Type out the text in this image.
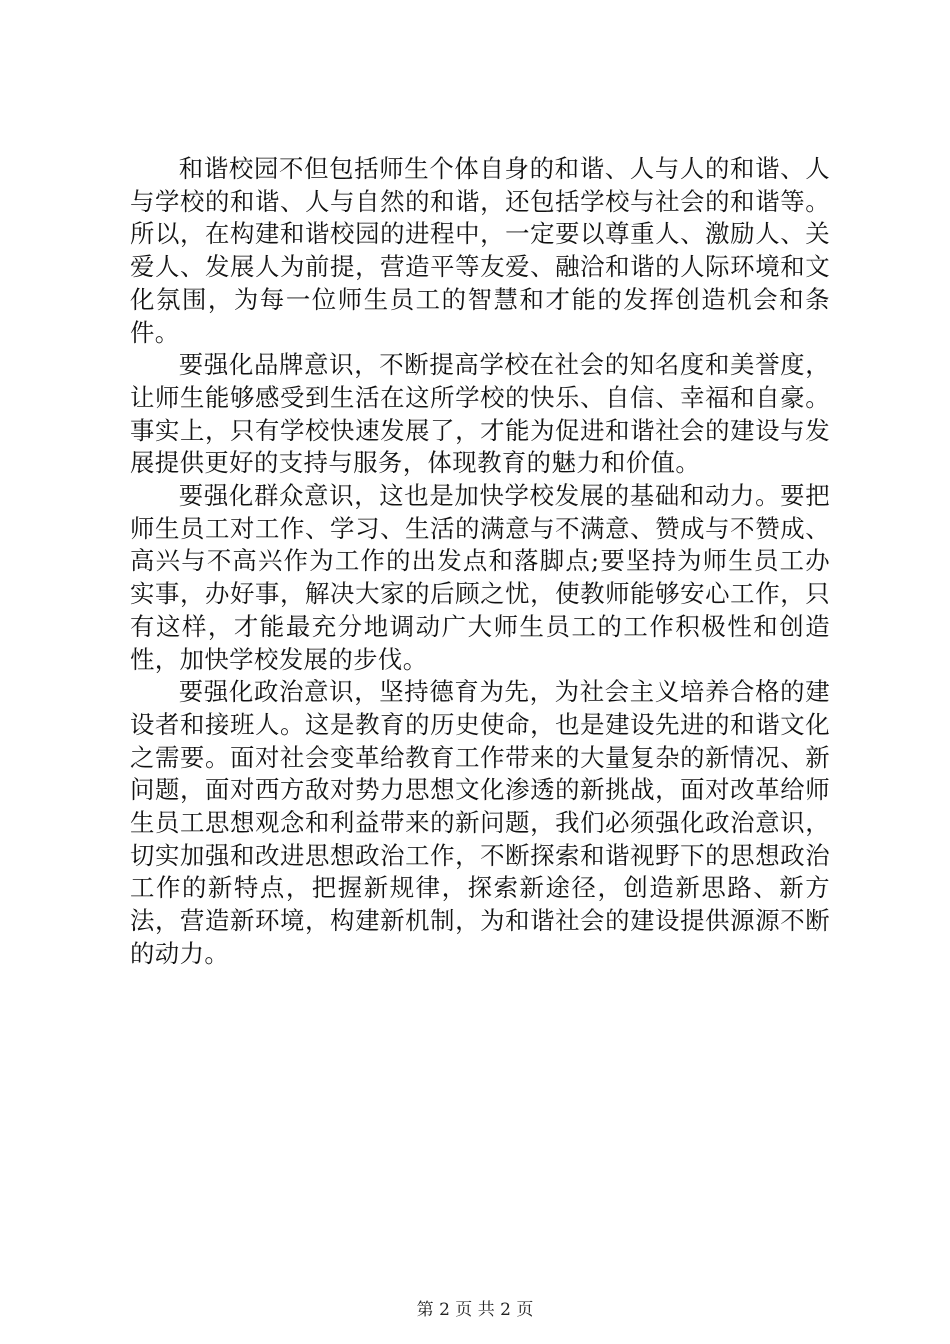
和谐校园不但包括师生个体自身的和谐、人与人的和谐、人与学校的和谐、人与自然的和谐，还包括学校与社会的和谐等。所以，在构建和谐校园的进程中，一定要以尊重人、激励人、关爱人、发展人为前提，营造平等友爱、融洽和谐的人际环境和文化氛围，为每一位师生员工的智慧和才能的发挥创造机会和条件。

要强化品牌意识，不断提高学校在社会的知名度和美誉度，让师生能够感受到生活在这所学校的快乐、自信、幸福和自豪。事实上，只有学校快速发展了，才能为促进和谐社会的建设与发展提供更好的支持与服务，体现教育的魅力和价值。

要强化群众意识，这也是加快学校发展的基础和动力。要把师生员工对工作、学习、生活的满意与不满意、赞成与不赞成、高兴与不高兴作为工作的出发点和落脚点;要坚持为师生员工办实事，办好事，解决大家的后顾之忧，使教师能够安心工作，只有这样，才能最充分地调动广大师生员工的工作积极性和创造性，加快学校发展的步伐。

要强化政治意识，坚持德育为先，为社会主义培养合格的建设者和接班人。这是教育的历史使命，也是建设先进的和谐文化之需要。面对社会变革给教育工作带来的大量复杂的新情况、新问题，面对西方敌对势力思想文化渗透的新挑战，面对改革给师生员工思想观念和利益带来的新问题，我们必须强化政治意识，切实加强和改进思想政治工作，不断探索和谐视野下的思想政治工作的新特点，把握新规律，探索新途径，创造新思路、新方法，营造新环境，构建新机制，为和谐社会的建设提供源源不断的动力。

第 2 页 共 2 页
